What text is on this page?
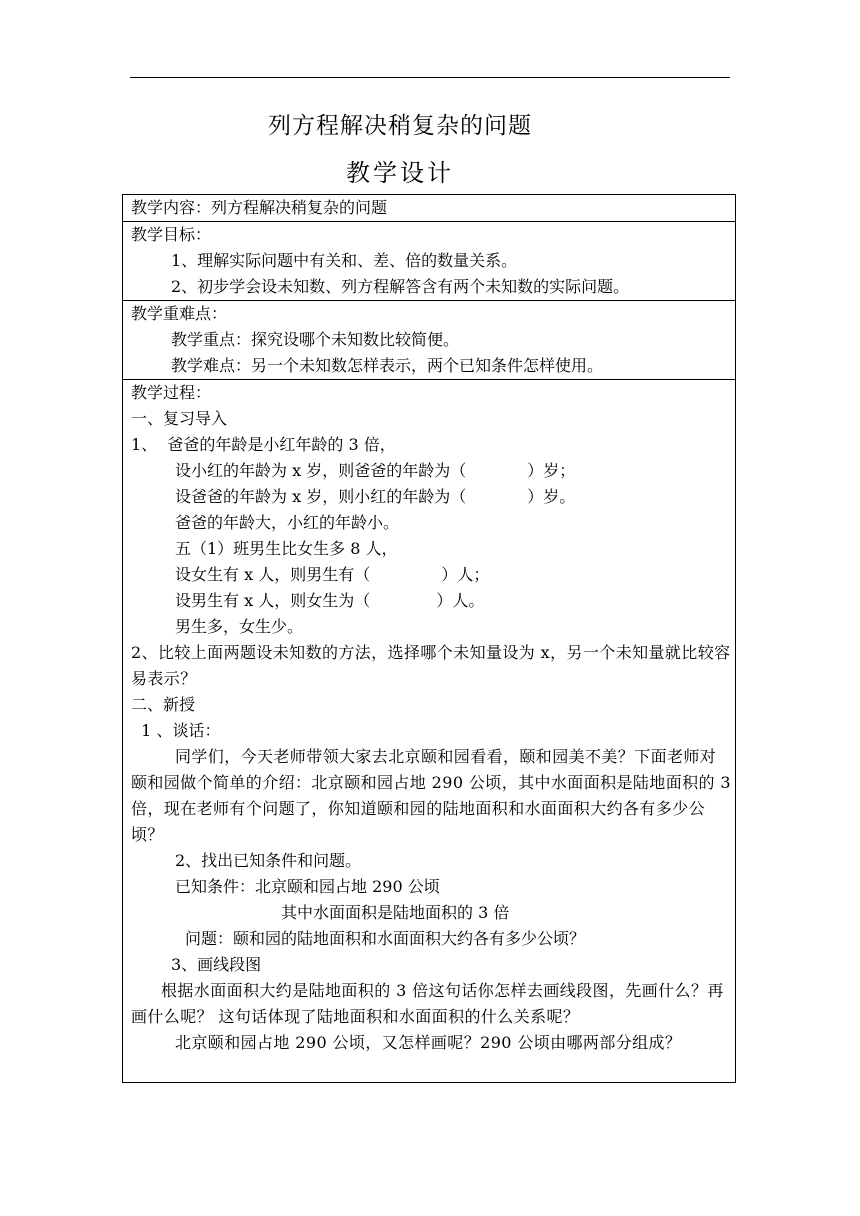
列方程解决稍复杂的问题
教学设计
教学内容：列方程解决稍复杂的问题

教学目标：
1、理解实际问题中有关和、差、倍的数量关系。
2、初步学会设未知数、列方程解答含有两个未知数的实际问题。

教学重难点：
教学重点：探究设哪个未知数比较简便。
教学难点：另一个未知数怎样表示，两个已知条件怎样使用。

教学过程：
一、复习导入
1、  爸爸的年龄是小红年龄的 3 倍，
设小红的年龄为 x 岁，则爸爸的年龄为（            ）岁；
设爸爸的年龄为 x 岁，则小红的年龄为（            ）岁。
爸爸的年龄大，小红的年龄小。
五（1）班男生比女生多 8 人，
设女生有 x 人，则男生有（              ）人；
设男生有 x 人，则女生为（             ）人。
男生多，女生少。
2、比较上面两题设未知数的方法，选择哪个未知量设为 x，另一个未知量就比较容易表示？
二、新授
1 、谈话：
同学们，今天老师带领大家去北京颐和园看看，颐和园美不美？下面老师对颐和园做个简单的介绍：北京颐和园占地 290 公顷，其中水面面积是陆地面积的 3 倍，现在老师有个问题了，你知道颐和园的陆地面积和水面面积大约各有多少公顷？
2、找出已知条件和问题。
已知条件：北京颐和园占地 290 公顷
其中水面面积是陆地面积的 3 倍
问题：颐和园的陆地面积和水面面积大约各有多少公顷？
3、画线段图
根据水面面积大约是陆地面积的 3 倍这句话你怎样去画线段图，先画什么？再画什么呢？ 这句话体现了陆地面积和水面面积的什么关系呢？
北京颐和园占地 290 公顷，又怎样画呢？290 公顷由哪两部分组成？
